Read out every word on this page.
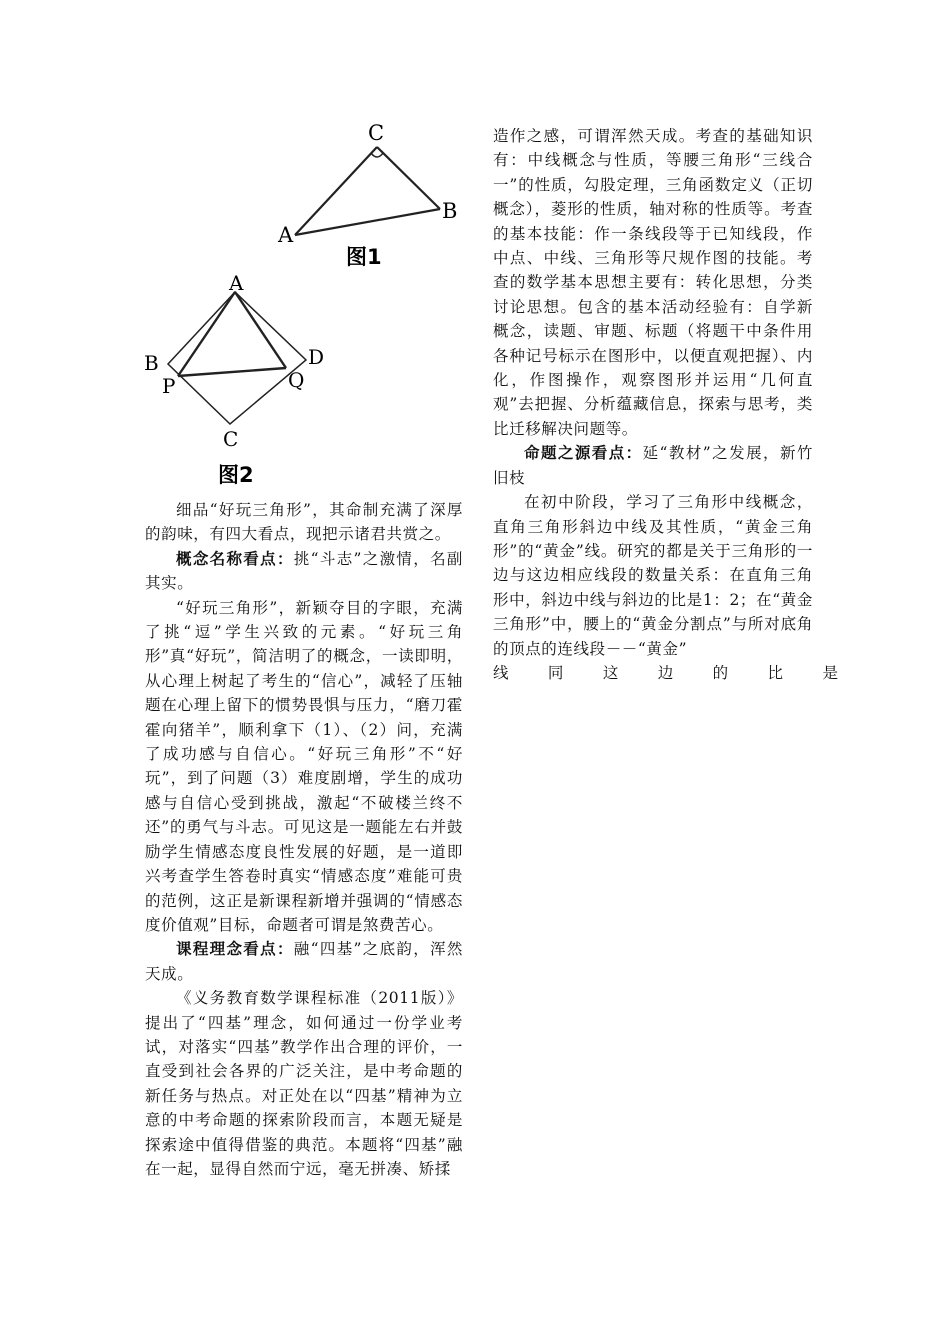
C
A
B
图1
A
B
P	Q
D
C
图2

细品“好玩三角形”，其命制充满了深厚的韵味，有四大看点，现把示诸君共赏之。

概念名称看点：挑“斗志”之激情，名副其实。

“好玩三角形”，新颖夺目的字眼，充满了挑“逗”学生兴致的元素。“好玩三角形”真“好玩”，简洁明了的概念，一读即明，从心理上树起了考生的“信心”，减轻了压轴题在心理上留下的惯势畏惧与压力，“磨刀霍霍向猪羊”，顺利拿下（1）、（2）问，充满了成功感与自信心。“好玩三角形”不“好玩”，到了问题（3）难度剧增，学生的成功感与自信心受到挑战，激起“不破楼兰终不还”的勇气与斗志。可见这是一题能左右并鼓励学生情感态度良性发展的好题，是一道即兴考查学生答卷时真实“情感态度”难能可贵的范例，这正是新课程新增并强调的“情感态度价值观”目标，命题者可谓是煞费苦心。

课程理念看点：融“四基”之底韵，浑然天成。

《义务教育数学课程标准（2011版）》提出了“四基”理念，如何通过一份学业考试，对落实“四基”教学作出合理的评价，一直受到社会各界的广泛关注，是中考命题的新任务与热点。对正处在以“四基”精神为立意的中考命题的探索阶段而言，本题无疑是探索途中值得借鉴的典范。本题将“四基”融在一起，显得自然而宁远，毫无拼凑、矫揉

造作之感，可谓浑然天成。考查的基础知识有：中线概念与性质，等腰三角形“三线合一”的性质，勾股定理，三角函数定义（正切概念），菱形的性质，轴对称的性质等。考查的基本技能：作一条线段等于已知线段，作中点、中线、三角形等尺规作图的技能。考查的数学基本思想主要有：转化思想，分类讨论思想。包含的基本活动经验有：自学新概念，读题、审题、标题（将题干中条件用各种记号标示在图形中，以便直观把握）、内化，作图操作，观察图形并运用“几何直观”去把握、分析蕴藏信息，探索与思考，类比迁移解决问题等。

命题之源看点：延“教材”之发展，新竹旧枝

在初中阶段，学习了三角形中线概念，直角三角形斜边中线及其性质，“黄金三角形”的“黄金”线。研究的都是关于三角形的一边与这边相应线段的数量关系：在直角三角形中，斜边中线与斜边的比是1：2；在“黄金三角形”中，腰上的“黄金分割点”与所对底角的顶点的连线段－－“黄金”

线	同	这	边	的	比	是
